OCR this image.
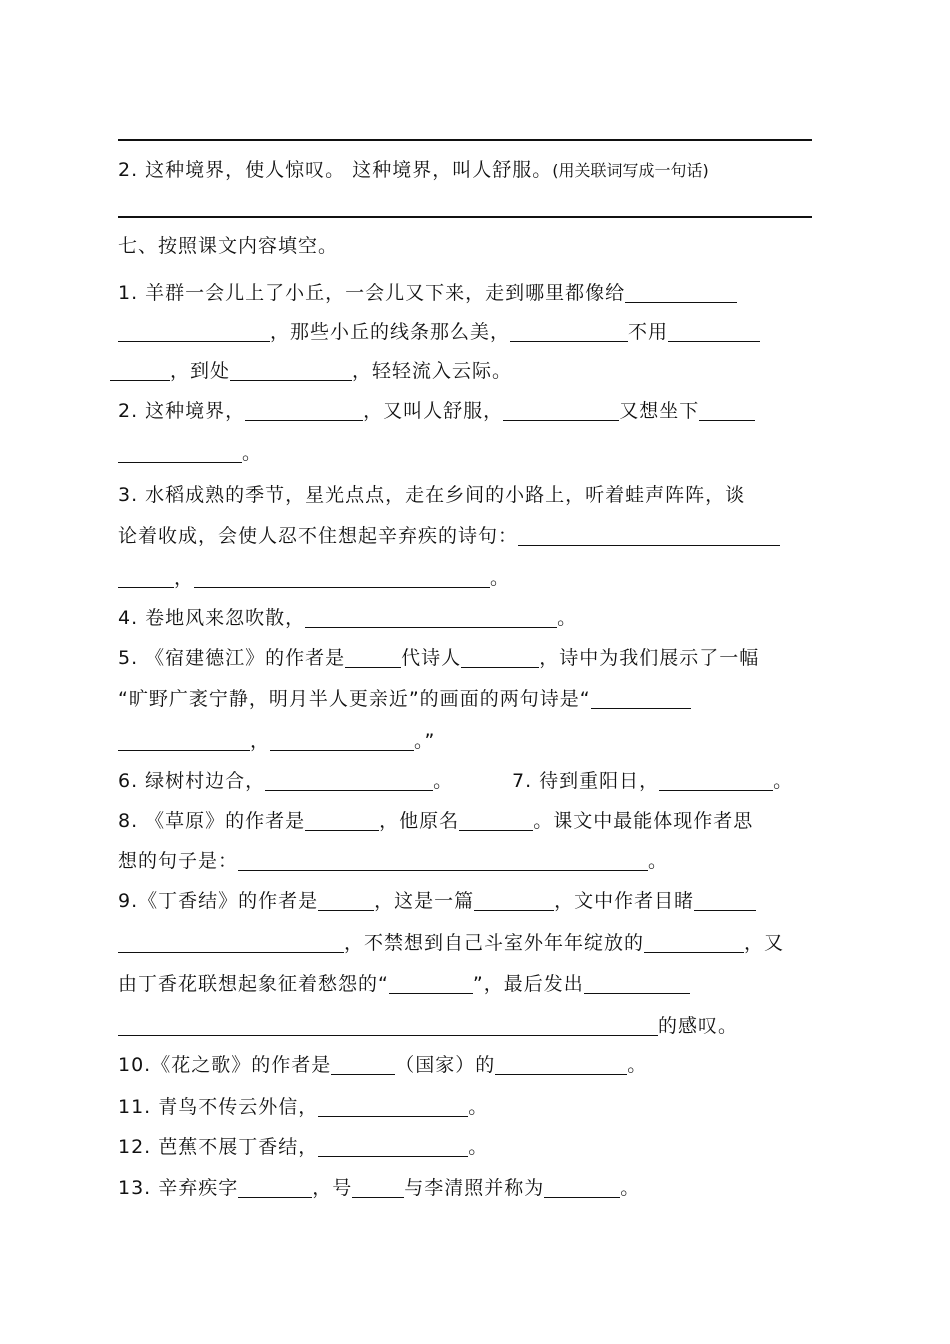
2. 这种境界，使人惊叹。 这种境界，叫人舒服。(用关联词写成一句话)
七、按照课文内容填空。
1. 羊群一会儿上了小丘，一会儿又下来，走到哪里都像给
，那些小丘的线条那么美，	不用
，到处	，轻轻流入云际。
2. 这种境界，	，又叫人舒服，	又想坐下
。
3. 水稻成熟的季节，星光点点，走在乡间的小路上，听着蛙声阵阵，谈
论着收成，会使人忍不住想起辛弃疾的诗句：
，	。
4. 卷地风来忽吹散，	。
5. 《宿建德江》的作者是	代诗人	，诗中为我们展示了一幅
“旷野广袤宁静，明月半人更亲近”的画面的两句诗是“
，	。”
6. 绿树村边合，	。	7. 待到重阳日，	。
8. 《草原》的作者是	，他原名	。课文中最能体现作者思
想的句子是：	。
9.《丁香结》的作者是	，这是一篇	，文中作者目睹
，不禁想到自己斗室外年年绽放的	，又
由丁香花联想起象征着愁怨的“	”，最后发出
的感叹。
10.《花之歌》的作者是	（国家）的	。
11. 青鸟不传云外信，	。
12. 芭蕉不展丁香结，	。
13. 辛弃疾字	，号	与李清照并称为	。
